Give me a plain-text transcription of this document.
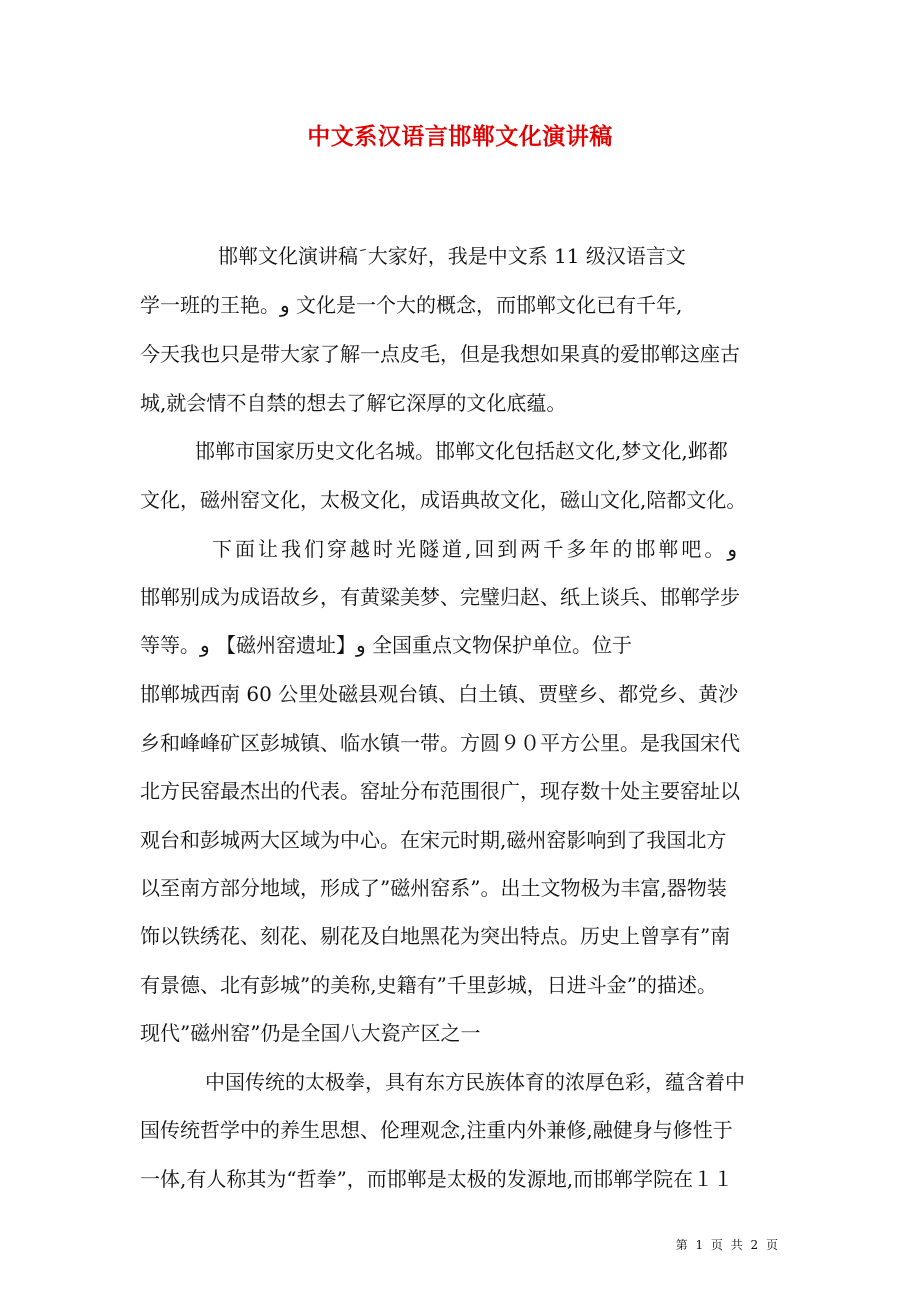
中文系汉语言邯郸文化演讲稿
邯郸文化演讲稿 َ 大家好，我是中文系 11 级汉语言文
学一班的王艳。و 文化是一个大的概念，而邯郸文化已有千年,
今天我也只是带大家了解一点皮毛，但是我想如果真的爱邯郸这座古
城,就会情不自禁的想去了解它深厚的文化底蕴。
邯郸市国家历史文化名城。邯郸文化包括赵文化,梦文化,邺都
文化，磁州窑文化，太极文化，成语典故文化，磁山文化,陪都文化。
下面让我们穿越时光隧道,回到两千多年的邯郸吧。و
邯郸别成为成语故乡，有黄粱美梦、完璧归赵、纸上谈兵、邯郸学步
等等。و 【磁州窑遗址】و 全国重点文物保护单位。位于
邯郸城西南 60 公里处磁县观台镇、白土镇、贾壁乡、都党乡、黄沙
乡和峰峰矿区彭城镇、临水镇一带。方圆９０平方公里。是我国宋代
北方民窑最杰出的代表。窑址分布范围很广，现存数十处主要窑址以
观台和彭城两大区域为中心。在宋元时期,磁州窑影响到了我国北方
以至南方部分地域，形成了”磁州窑系”。出土文物极为丰富,器物装
饰以铁绣花、刻花、剔花及白地黑花为突出特点。历史上曾享有”南
有景德、北有彭城”的美称,史籍有”千里彭城，日进斗金”的描述。
现代”磁州窑”仍是全国八大瓷产区之一
中国传统的太极拳，具有东方民族体育的浓厚色彩，蕴含着中
国传统哲学中的养生思想、伦理观念,注重内外兼修,融健身与修性于
一体,有人称其为“哲拳”，而邯郸是太极的发源地,而邯郸学院在１１
第 1 页 共 2 页
